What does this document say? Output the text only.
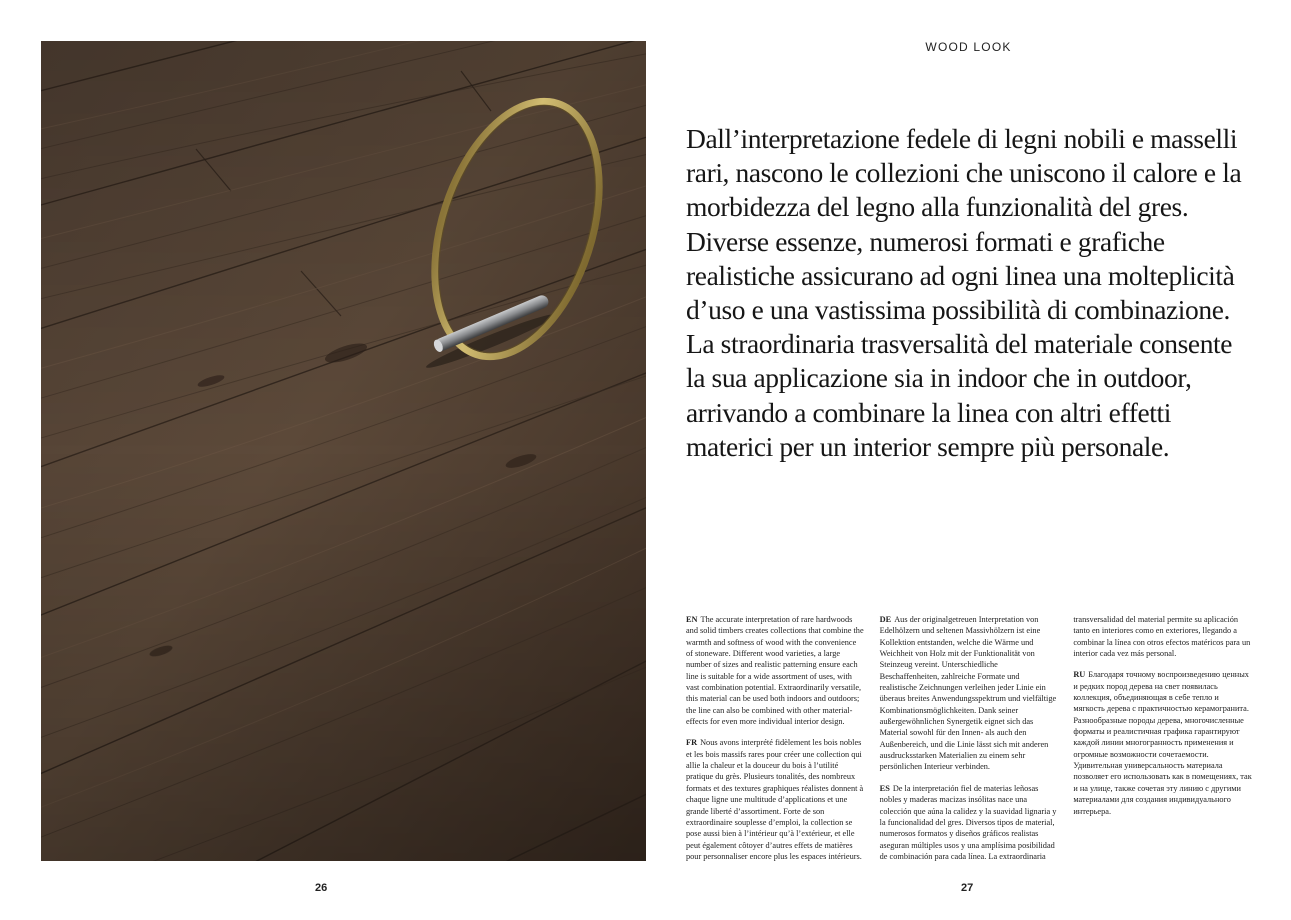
WOOD LOOK

Dall’interpretazione fedele di legni nobili e masselli rari, nascono le collezioni che uniscono il calore e la morbidezza del legno alla funzionalità del gres. Diverse essenze, numerosi formati e grafiche realistiche assicurano ad ogni linea una molteplicità d’uso e una vastissima possibilità di combinazione. La straordinaria trasversalità del materiale consente la sua applicazione sia in indoor che in outdoor, arrivando a combinare la linea con altri effetti materici per un interior sempre più personale.

EN The accurate interpretation of rare hardwoods and solid timbers creates collections that combine the warmth and softness of wood with the convenience of stoneware. Different wood varieties, a large number of sizes and realistic patterning ensure each line is suitable for a wide assortment of uses, with vast combination potential. Extraordinarily versatile, this material can be used both indoors and outdoors; the line can also be combined with other material-effects for even more individual interior design.

FR Nous avons interprété fidèlement les bois nobles et les bois massifs rares pour créer une collection qui allie la chaleur et la douceur du bois à l’utilité pratique du grès. Plusieurs tonalités, des nombreux formats et des textures graphiques réalistes donnent à chaque ligne une multitude d’applications et une grande liberté d’assortiment. Forte de son extraordinaire souplesse d’emploi, la collection se pose aussi bien à l’intérieur qu’à l’extérieur, et elle peut également côtoyer d’autres effets de matières pour personnaliser encore plus les espaces intérieurs.

DE Aus der originalgetreuen Interpretation von Edelhölzern und seltenen Massivhölzern ist eine Kollektion entstanden, welche die Wärme und Weichheit von Holz mit der Funktionalität von Steinzeug vereint. Unterschiedliche Beschaffenheiten, zahlreiche Formate und realistische Zeichnungen verleihen jeder Linie ein überaus breites Anwendungsspektrum und vielfältige Kombinationsmöglichkeiten. Dank seiner außergewöhnlichen Synergetik eignet sich das Material sowohl für den Innen- als auch den Außenbereich, und die Linie lässt sich mit anderen ausdrucksstarken Materialien zu einem sehr persönlichen Interieur verbinden.

ES De la interpretación fiel de materias leñosas nobles y maderas macizas insólitas nace una colección que aúna la calidez y la suavidad lignaria y la funcionalidad del gres. Diversos tipos de material, numerosos formatos y diseños gráficos realistas aseguran múltiples usos y una amplísima posibilidad de combinación para cada línea. La extraordinaria transversalidad del material permite su aplicación tanto en interiores como en exteriores, llegando a combinar la línea con otros efectos matéricos para un interior cada vez más personal.

RU Благодаря точному воспроизведению ценных и редких пород дерева на свет появилась коллекция, объединяющая в себе тепло и мягкость дерева с практичностью керамогранита. Разнообразные породы дерева, многочисленные форматы и реалистичная графика гарантируют каждой линии многогранность применения и огромные возможности сочетаемости. Удивительная универсальность материала позволяет его использовать как в помещениях, так и на улице, также сочетая эту линию с другими материалами для создания индивидуального интерьера.

26	27
